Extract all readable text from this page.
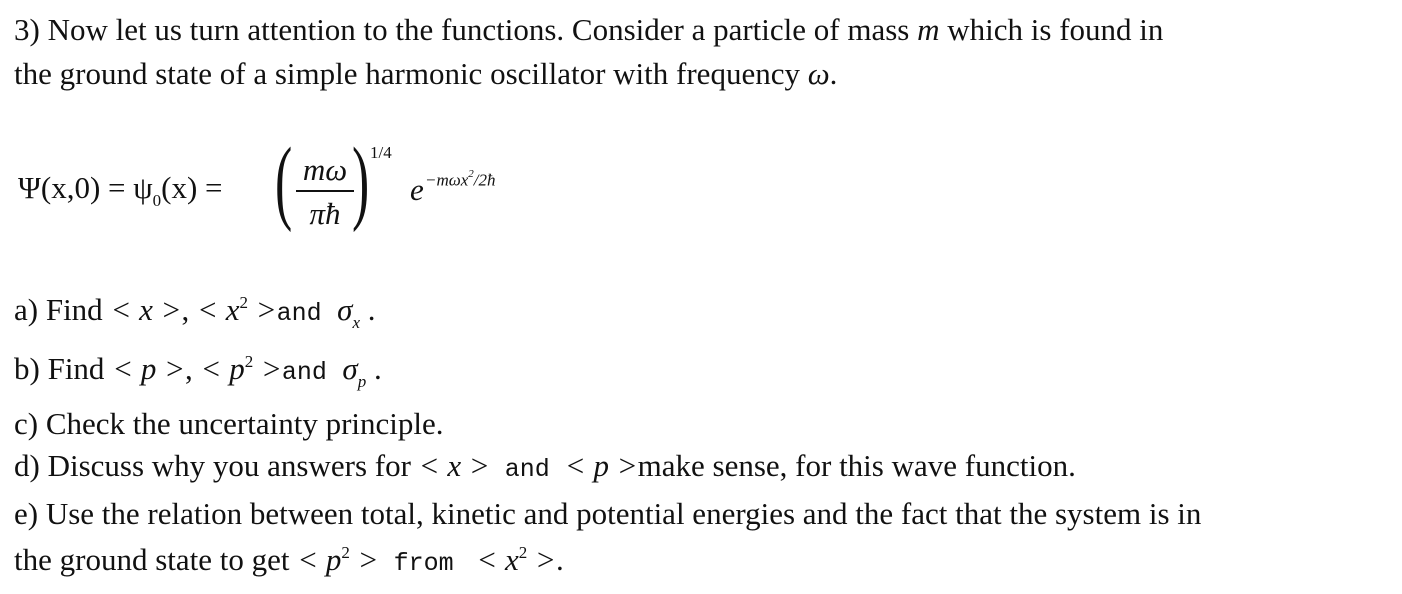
3) Now let us turn attention to the functions. Consider a particle of mass m which is found in
the ground state of a simple harmonic oscillator with frequency ω.
$\Psi(x,0) = \psi_0(x)$ = ( mω
πħ ) 1/4
e −mωx$^2$/2ħ
a) Find < x >, < $x^2 >and$ $\sigma_x$ .
b) Find < p >, < $p^2 >and$ $\sigma_p$ .
c) Check the uncertainty principle.
d) Discuss why you answers for < x > and < p >make sense, for this wave function.
e) Use the relation between total, kinetic and potential energies and the fact that the system is in
the ground state to get < $p^2$ > from  < $x^2$ >.
